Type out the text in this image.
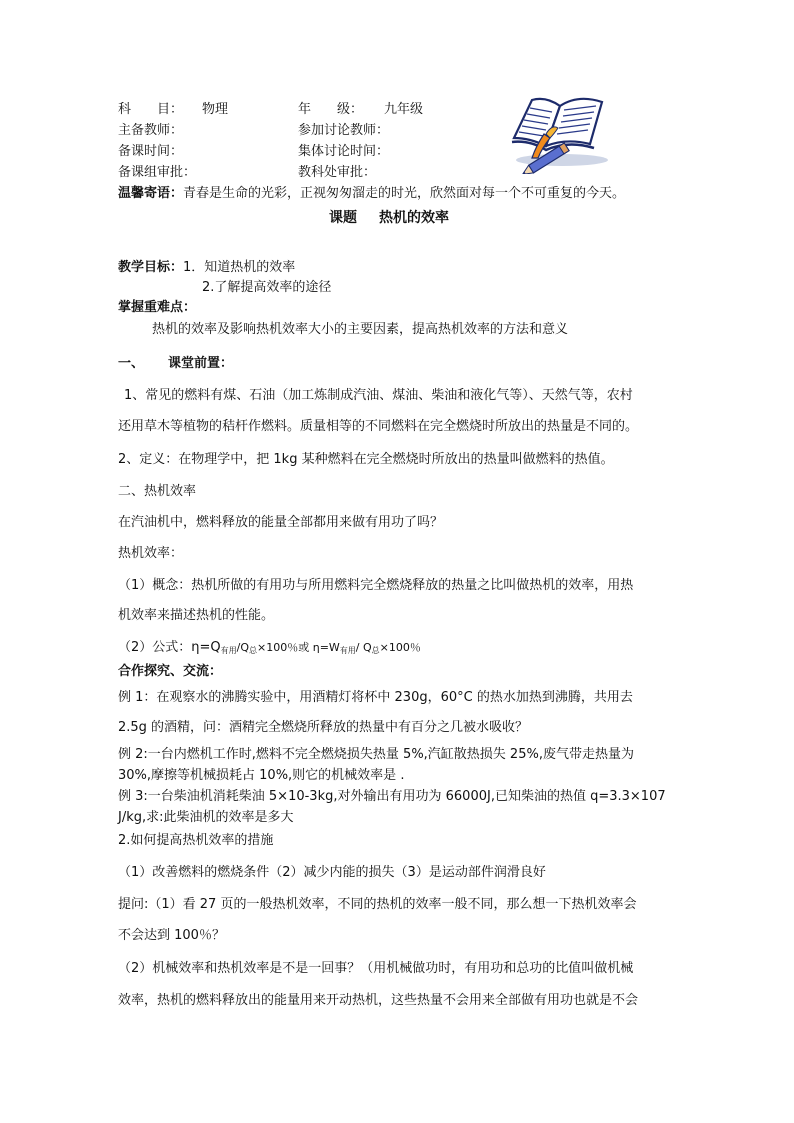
科  目： 物理	年  级： 九年级
主备教师：	参加讨论教师：
备课时间：	集体讨论时间：
备课组审批：	教科处审批：
温馨寄语：青春是生命的光彩，正视匆匆溜走的时光，欣然面对每一个不可重复的今天。
课题 热机的效率
教学目标：1．知道热机的效率
2.了解提高效率的途径
掌握重难点：
热机的效率及影响热机效率大小的主要因素，提高热机效率的方法和意义
一、 课堂前置：
1、常见的燃料有煤、石油（加工炼制成汽油、煤油、柴油和液化气等）、天然气等，农村
还用草木等植物的秸杆作燃料。质量相等的不同燃料在完全燃烧时所放出的热量是不同的。
2、定义：在物理学中，把 1kg 某种燃料在完全燃烧时所放出的热量叫做燃料的热值。
二、热机效率
在汽油机中，燃料释放的能量全部都用来做有用功了吗？
热机效率：
（1）概念：热机所做的有用功与所用燃料完全燃烧释放的热量之比叫做热机的效率，用热
机效率来描述热机的性能。
（2）公式：$\eta=Q_{有用}/Q_总\times 100$％或 $\eta=W_{有用}/$ $Q_总\times 100$％
合作探究、交流：
例 1：在观察水的沸腾实验中，用酒精灯将杯中 230g，60°C 的热水加热到沸腾，共用去
2.5g 的酒精，问：酒精完全燃烧所释放的热量中有百分之几被水吸收？
例 2:一台内燃机工作时,燃料不完全燃烧损失热量 5%,汽缸散热损失 25%,废气带走热量为
30%,摩擦等机械损耗占 10%,则它的机械效率是 .
例 3:一台柴油机消耗柴油 5×10-3kg,对外输出有用功为 66000J,已知柴油的热值 q=3.3×107
J/kg,求:此柴油机的效率是多大
2.如何提高热机效率的措施
（1）改善燃料的燃烧条件（2）减少内能的损失（3）是运动部件润滑良好
提问:（1）看 27 页的一般热机效率，不同的热机的效率一般不同，那么想一下热机效率会
不会达到 100％？
（2）机械效率和热机效率是不是一回事？（用机械做功时，有用功和总功的比值叫做机械
效率，热机的燃料释放出的能量用来开动热机，这些热量不会用来全部做有用功也就是不会
